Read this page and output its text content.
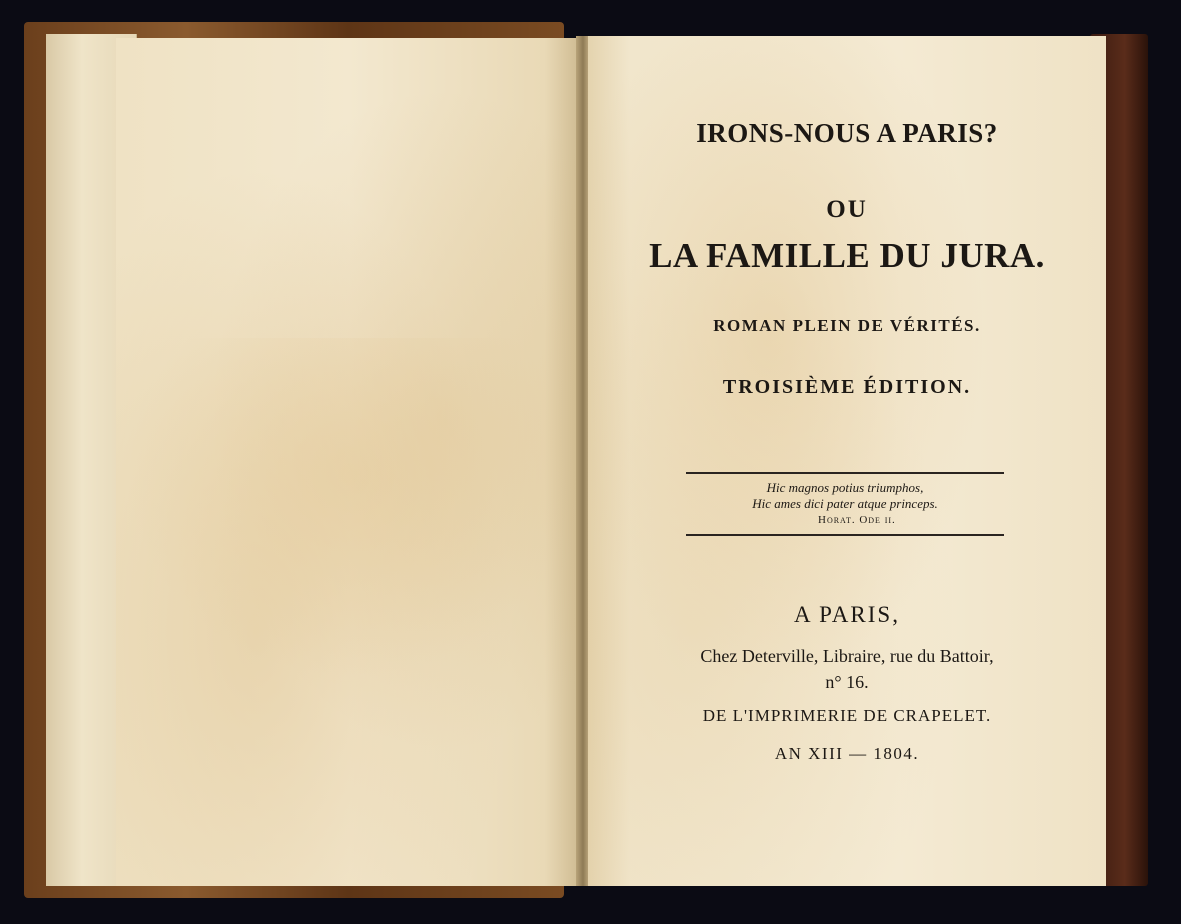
IRONS-NOUS A PARIS?
OU
LA FAMILLE DU JURA.
ROMAN PLEIN DE VÉRITÉS.
TROISIÈME ÉDITION.
Hic magnos potius triumphos,
Hic ames dici pater atque princeps.
Horat. Ode ii.
A PARIS,
Chez Deterville, Libraire, rue du Battoir,
n° 16.
DE L'IMPRIMERIE DE CRAPELET.
AN XIII — 1804.
